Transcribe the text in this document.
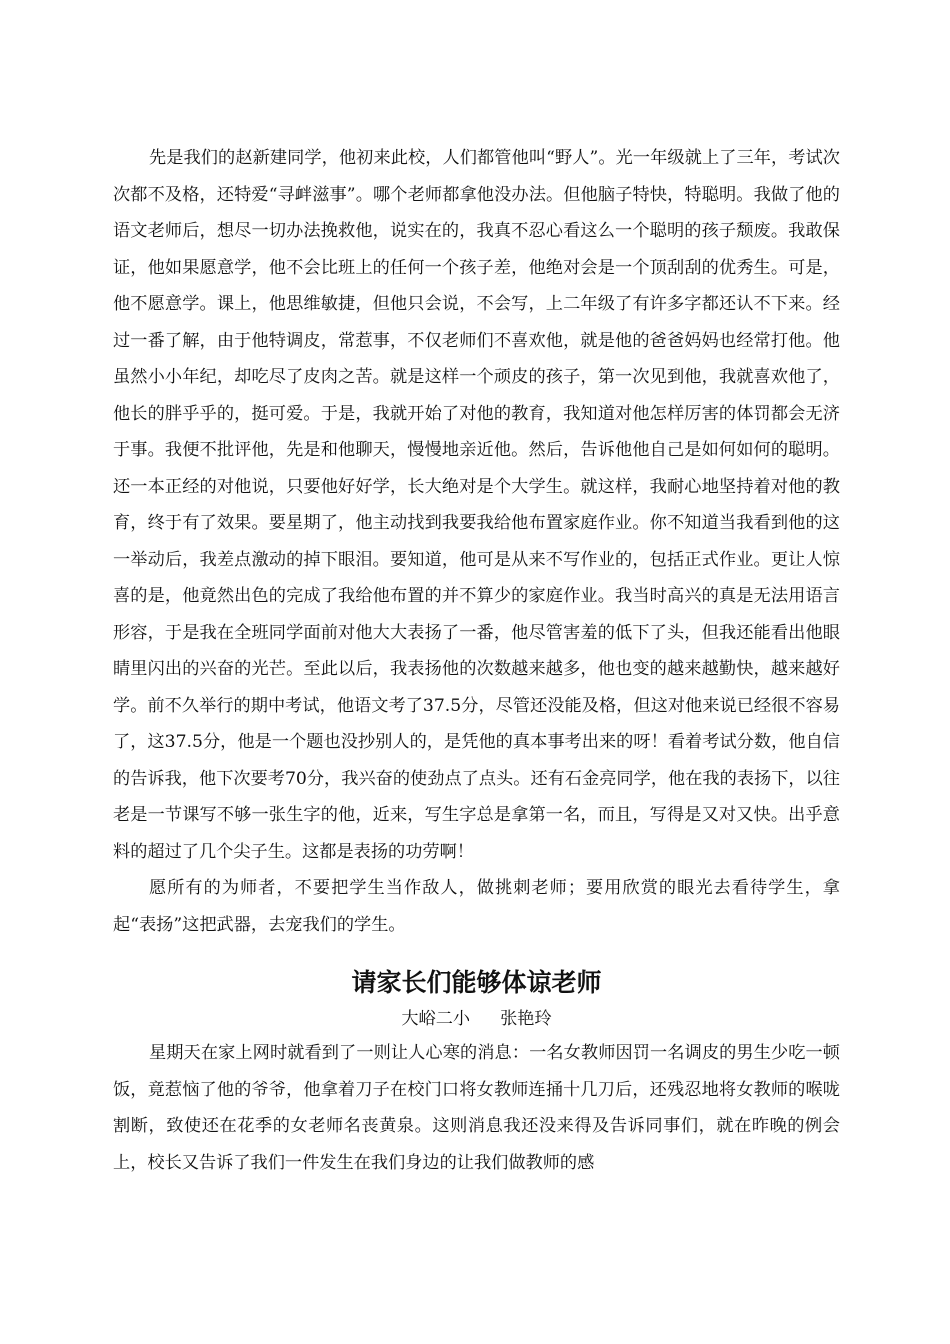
先是我们的赵新建同学，他初来此校，人们都管他叫“野人”。光一年级就上了三年，考试次次都不及格，还特爱“寻衅滋事”。哪个老师都拿他没办法。但他脑子特快，特聪明。我做了他的语文老师后，想尽一切办法挽救他，说实在的，我真不忍心看这么一个聪明的孩子颓废。我敢保证，他如果愿意学，他不会比班上的任何一个孩子差，他绝对会是一个顶刮刮的优秀生。可是，他不愿意学。课上，他思维敏捷，但他只会说，不会写，上二年级了有许多字都还认不下来。经过一番了解，由于他特调皮，常惹事，不仅老师们不喜欢他，就是他的爸爸妈妈也经常打他。他虽然小小年纪，却吃尽了皮肉之苦。就是这样一个顽皮的孩子，第一次见到他，我就喜欢他了，他长的胖乎乎的，挺可爱。于是，我就开始了对他的教育，我知道对他怎样厉害的体罚都会无济于事。我便不批评他，先是和他聊天，慢慢地亲近他。然后，告诉他他自己是如何如何的聪明。还一本正经的对他说，只要他好好学，长大绝对是个大学生。就这样，我耐心地坚持着对他的教育，终于有了效果。要星期了，他主动找到我要我给他布置家庭作业。你不知道当我看到他的这一举动后，我差点激动的掉下眼泪。要知道，他可是从来不写作业的，包括正式作业。更让人惊喜的是，他竟然出色的完成了我给他布置的并不算少的家庭作业。我当时高兴的真是无法用语言形容，于是我在全班同学面前对他大大表扬了一番，他尽管害羞的低下了头，但我还能看出他眼睛里闪出的兴奋的光芒。至此以后，我表扬他的次数越来越多，他也变的越来越勤快，越来越好学。前不久举行的期中考试，他语文考了37.5分，尽管还没能及格，但这对他来说已经很不容易了，这37.5分，他是一个题也没抄别人的，是凭他的真本事考出来的呀！看着考试分数，他自信的告诉我，他下次要考70分，我兴奋的使劲点了点头。还有石金亮同学，他在我的表扬下，以往老是一节课写不够一张生字的他，近来，写生字总是拿第一名，而且，写得是又对又快。出乎意料的超过了几个尖子生。这都是表扬的功劳啊！

愿所有的为师者，不要把学生当作敌人，做挑刺老师；要用欣赏的眼光去看待学生，拿起“表扬”这把武器，去宠我们的学生。

请家长们能够体谅老师
大峪二小 张艳玲

星期天在家上网时就看到了一则让人心寒的消息：一名女教师因罚一名调皮的男生少吃一顿饭，竟惹恼了他的爷爷，他拿着刀子在校门口将女教师连捅十几刀后，还残忍地将女教师的喉咙割断，致使还在花季的女老师名丧黄泉。这则消息我还没来得及告诉同事们，就在昨晚的例会上，校长又告诉了我们一件发生在我们身边的让我们做教师的感
